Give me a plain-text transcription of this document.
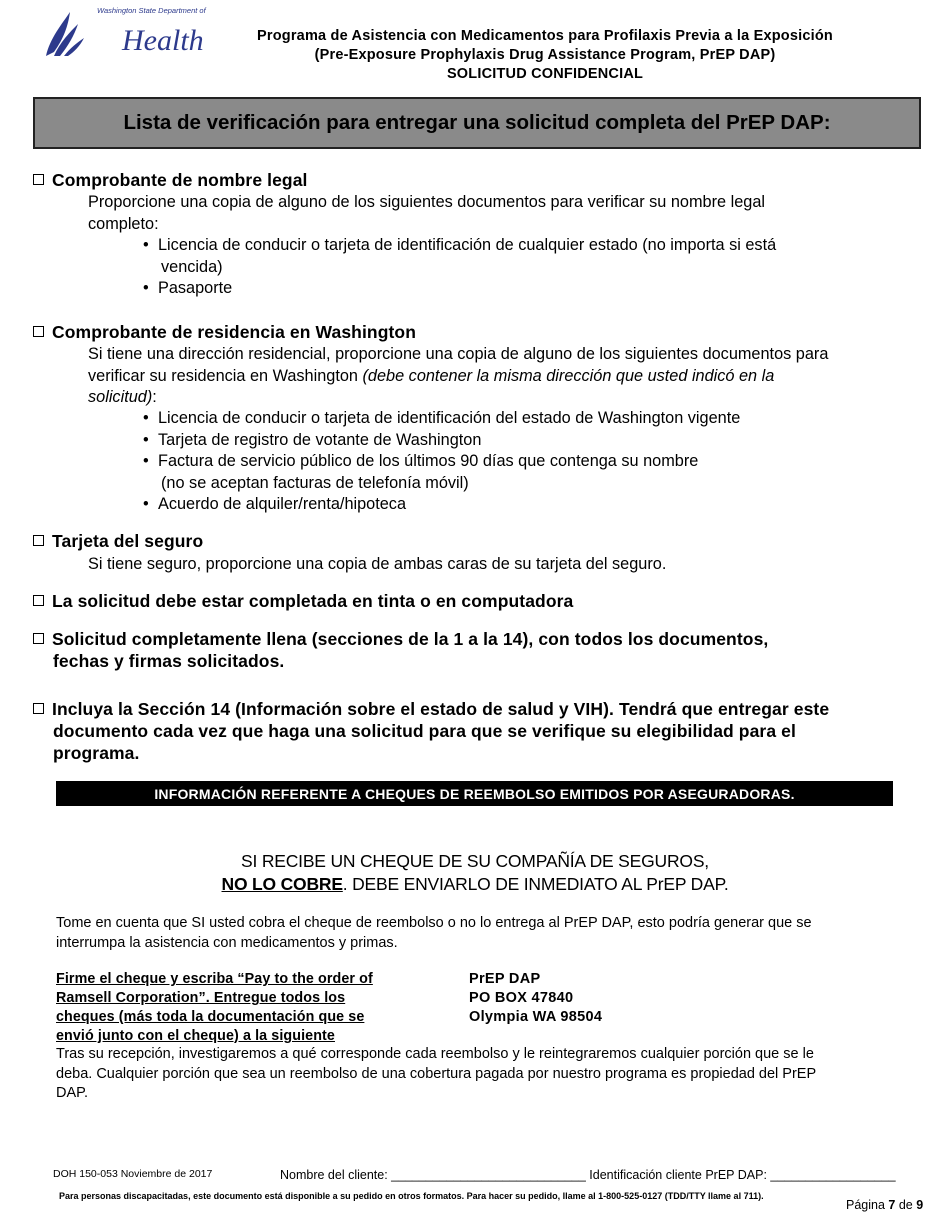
Washington State Department of
Health	Programa de Asistencia con Medicamentos para Profilaxis Previa a la Exposición
(Pre-Exposure Prophylaxis Drug Assistance Program, PrEP DAP)
SOLICITUD CONFIDENCIAL
Lista de verificación para entregar una solicitud completa del PrEP DAP:
Comprobante de nombre legal
Proporcione una copia de alguno de los siguientes documentos para verificar su nombre legal
completo:
• Licencia de conducir o tarjeta de identificación de cualquier estado (no importa si está
vencida)
• Pasaporte
Comprobante de residencia en Washington
Si tiene una dirección residencial, proporcione una copia de alguno de los siguientes documentos para
verificar su residencia en Washington (debe contener la misma dirección que usted indicó en la
solicitud):
• Licencia de conducir o tarjeta de identificación del estado de Washington vigente
• Tarjeta de registro de votante de Washington
• Factura de servicio público de los últimos 90 días que contenga su nombre
(no se aceptan facturas de telefonía móvil)
• Acuerdo de alquiler/renta/hipoteca
Tarjeta del seguro
Si tiene seguro, proporcione una copia de ambas caras de su tarjeta del seguro.
La solicitud debe estar completada en tinta o en computadora
Solicitud completamente llena (secciones de la 1 a la 14), con todos los documentos,
fechas y firmas solicitados.
Incluya la Sección 14 (Información sobre el estado de salud y VIH). Tendrá que entregar este
documento cada vez que haga una solicitud para que se verifique su elegibilidad para el
programa.
INFORMACIÓN REFERENTE A CHEQUES DE REEMBOLSO EMITIDOS POR ASEGURADORAS.
SI RECIBE UN CHEQUE DE SU COMPAÑÍA DE SEGUROS,
NO LO COBRE. DEBE ENVIARLO DE INMEDIATO AL PrEP DAP.
Tome en cuenta que SI usted cobra el cheque de reembolso o no lo entrega al PrEP DAP, esto podría generar que se
interrumpa la asistencia con medicamentos y primas.
Firme el cheque y escriba “Pay to the order of
Ramsell Corporation”. Entregue todos los
cheques (más toda la documentación que se
envió junto con el cheque) a la siguiente
PrEP DAP
PO BOX 47840
Olympia WA 98504
Tras su recepción, investigaremos a qué corresponde cada reembolso y le reintegraremos cualquier porción que se le
deba. Cualquier porción que sea un reembolso de una cobertura pagada por nuestro programa es propiedad del PrEP
DAP.
DOH 150-053 Noviembre de 2017	Nombre del cliente: ____________________________ Identificación cliente PrEP DAP: __________________
Para personas discapacitadas, este documento está disponible a su pedido en otros formatos. Para hacer su pedido, llame al 1-800-525-0127 (TDD/TTY llame al 711).
Página 7 de 9
